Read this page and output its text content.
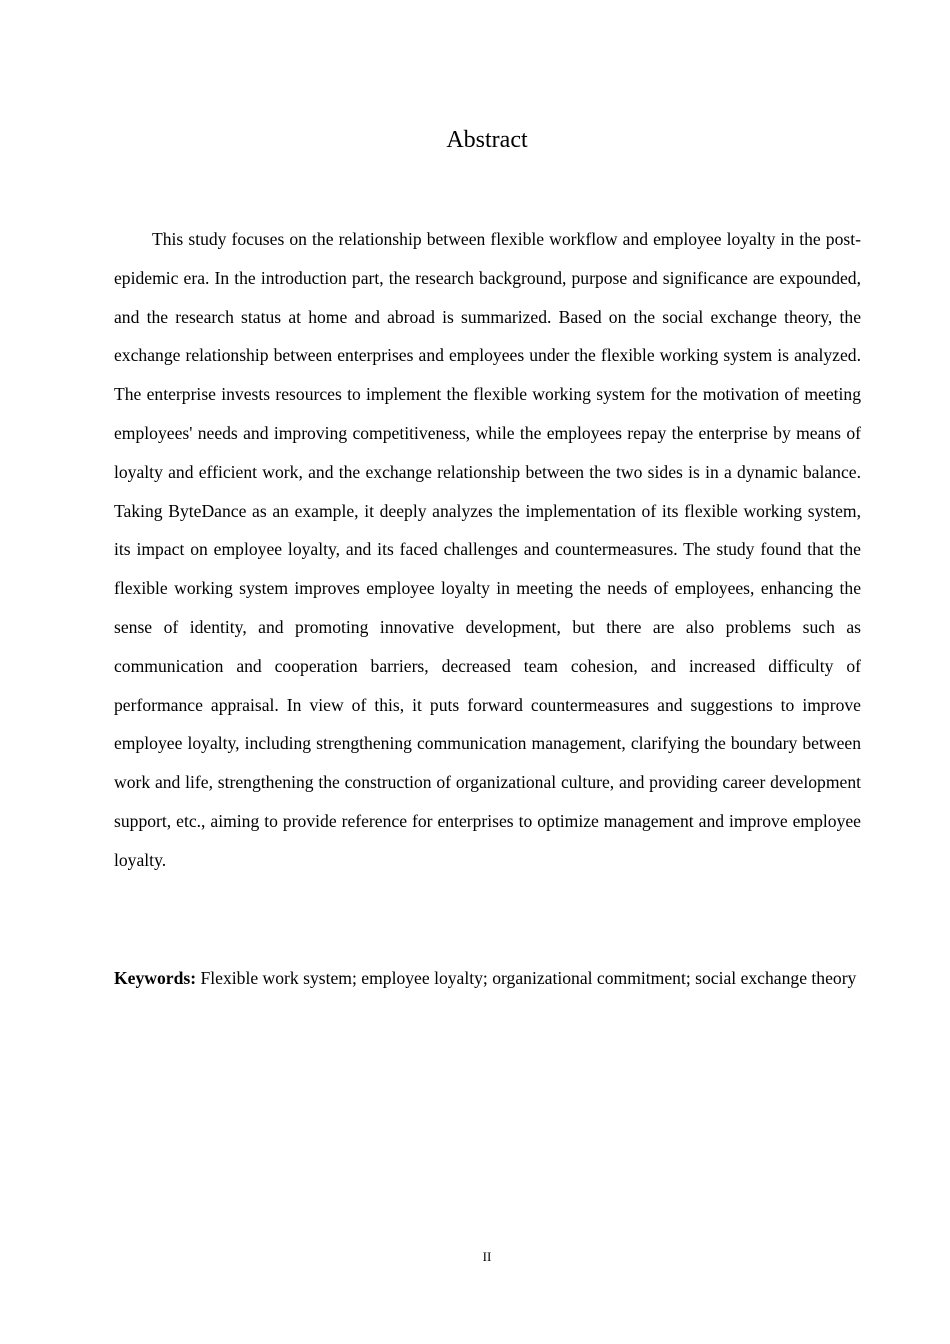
Abstract

This study focuses on the relationship between flexible workflow and employee loyalty in the post-epidemic era. In the introduction part, the research background, purpose and significance are expounded, and the research status at home and abroad is summarized. Based on the social exchange theory, the exchange relationship between enterprises and employees under the flexible working system is analyzed. The enterprise invests resources to implement the flexible working system for the motivation of meeting employees' needs and improving competitiveness, while the employees repay the enterprise by means of loyalty and efficient work, and the exchange relationship between the two sides is in a dynamic balance. Taking ByteDance as an example, it deeply analyzes the implementation of its flexible working system, its impact on employee loyalty, and its faced challenges and countermeasures. The study found that the flexible working system improves employee loyalty in meeting the needs of employees, enhancing the sense of identity, and promoting innovative development, but there are also problems such as communication and cooperation barriers, decreased team cohesion, and increased difficulty of performance appraisal. In view of this, it puts forward countermeasures and suggestions to improve employee loyalty, including strengthening communication management, clarifying the boundary between work and life, strengthening the construction of organizational culture, and providing career development support, etc., aiming to provide reference for enterprises to optimize management and improve employee loyalty.

Keywords: Flexible work system; employee loyalty; organizational commitment; social exchange theory

II
